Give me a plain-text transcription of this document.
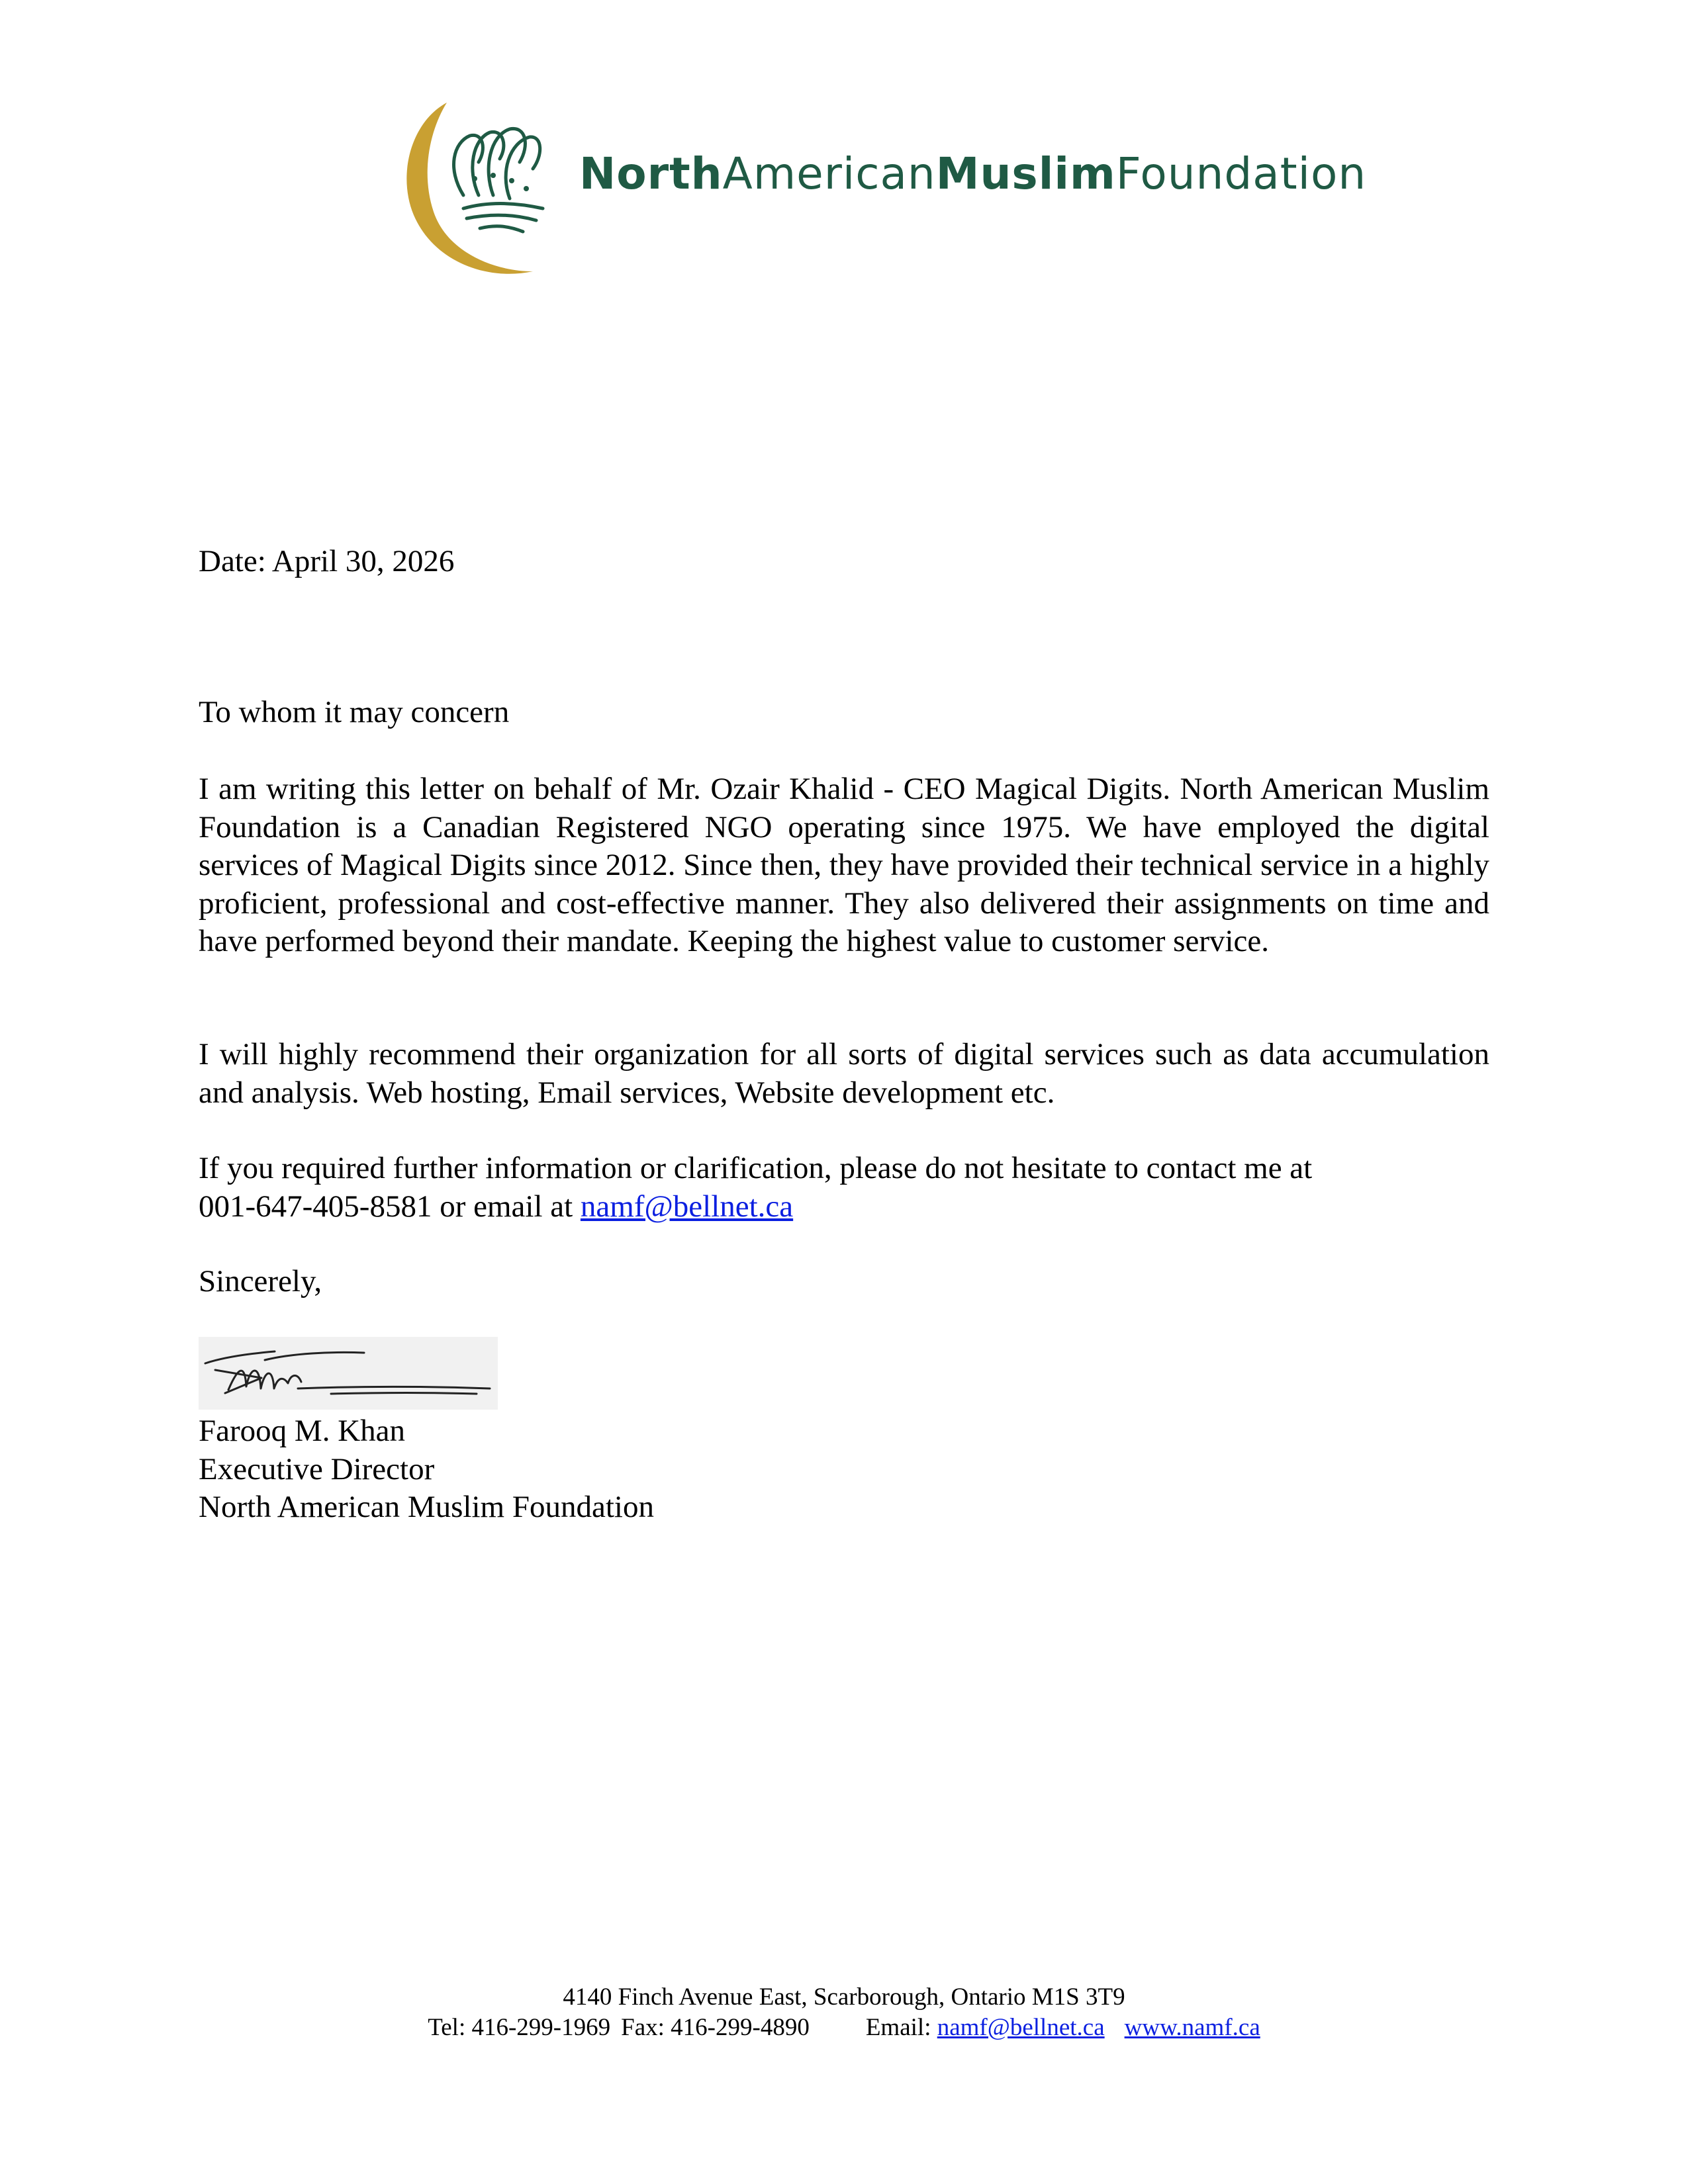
NorthAmericanMuslimFoundation
Date: April 30, 2026
To whom it may concern

I am writing this letter on behalf of Mr. Ozair Khalid - CEO Magical Digits. North American Muslim Foundation is a Canadian Registered NGO operating since 1975. We have employed the digital services of Magical Digits since 2012. Since then, they have provided their technical service in a highly proficient, professional and cost-effective manner. They also delivered their assignments on time and have performed beyond their mandate. Keeping the highest value to customer service.

I will highly recommend their organization for all sorts of digital services such as data accumulation and analysis. Web hosting, Email services, Website development etc.

If you required further information or clarification, please do not hesitate to contact me at

001-647-405-8581 or email at namf@bellnet.ca

Sincerely,
Farooq M. Khan
Executive Director
North American Muslim Foundation
4140 Finch Avenue East, Scarborough, Ontario M1S 3T9
Tel: 416-299-1969 Fax: 416-299-4890 Email: namf@bellnet.ca www.namf.ca
